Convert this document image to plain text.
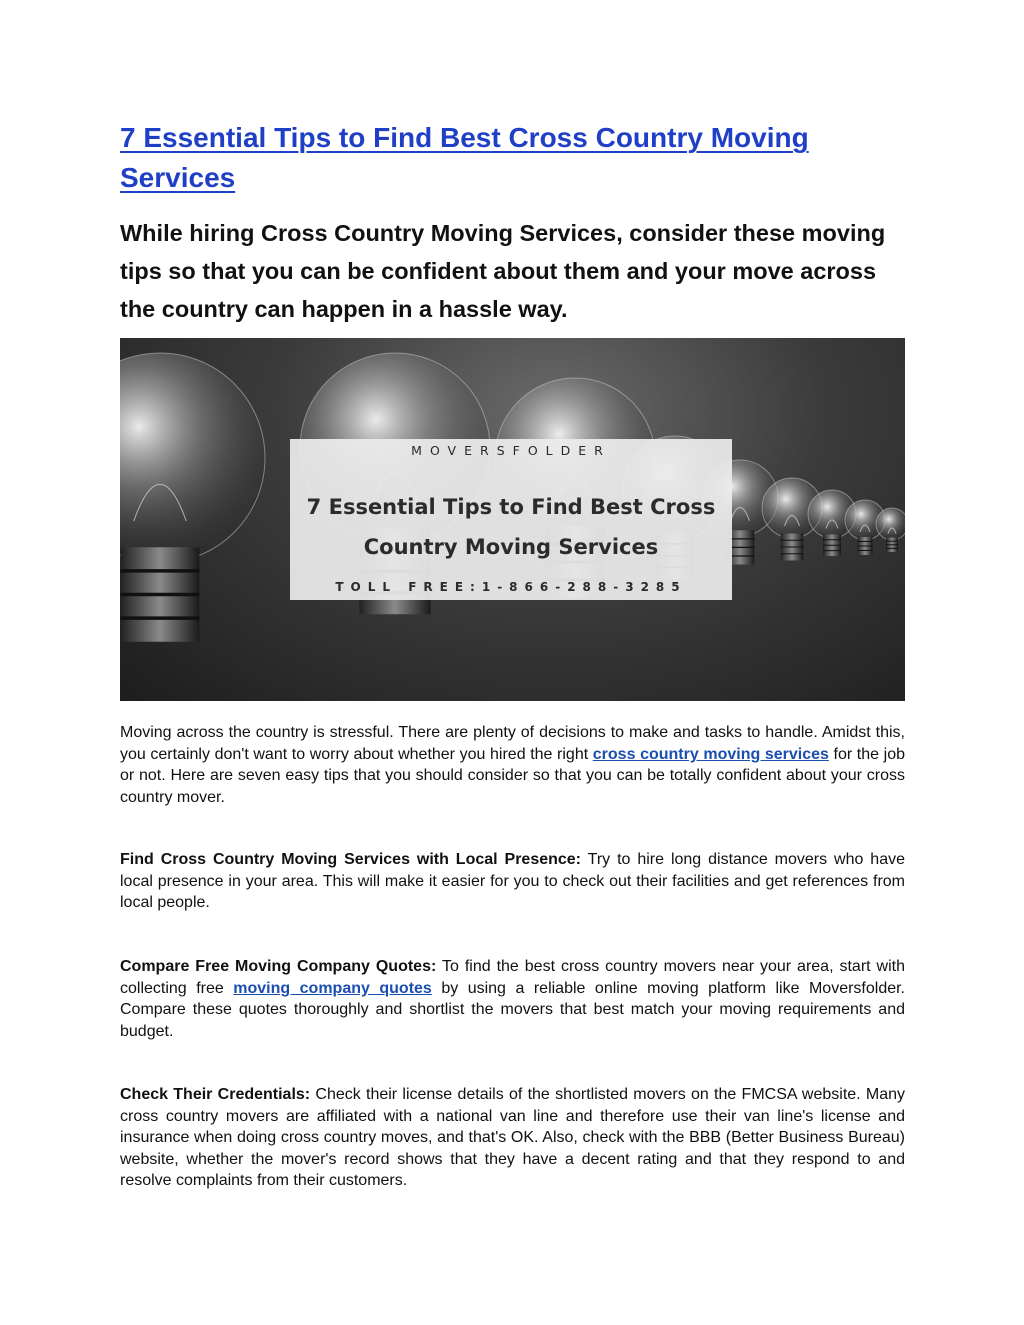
7 Essential Tips to Find Best Cross Country Moving Services

While hiring Cross Country Moving Services, consider these moving tips so that you can be confident about them and your move across the country can happen in a hassle way.

MOVERSFOLDER
7 Essential Tips to Find Best Cross Country Moving Services
TOLL FREE:1-866-288-3285

Moving across the country is stressful. There are plenty of decisions to make and tasks to handle. Amidst this, you certainly don't want to worry about whether you hired the right cross country moving services for the job or not. Here are seven easy tips that you should consider so that you can be totally confident about your cross country mover.

Find Cross Country Moving Services with Local Presence: Try to hire long distance movers who have local presence in your area. This will make it easier for you to check out their facilities and get references from local people.

Compare Free Moving Company Quotes: To find the best cross country movers near your area, start with collecting free moving company quotes by using a reliable online moving platform like Moversfolder. Compare these quotes thoroughly and shortlist the movers that best match your moving requirements and budget.

Check Their Credentials: Check their license details of the shortlisted movers on the FMCSA website. Many cross country movers are affiliated with a national van line and therefore use their van line's license and insurance when doing cross country moves, and that's OK. Also, check with the BBB (Better Business Bureau) website, whether the mover's record shows that they have a decent rating and that they respond to and resolve complaints from their customers.
